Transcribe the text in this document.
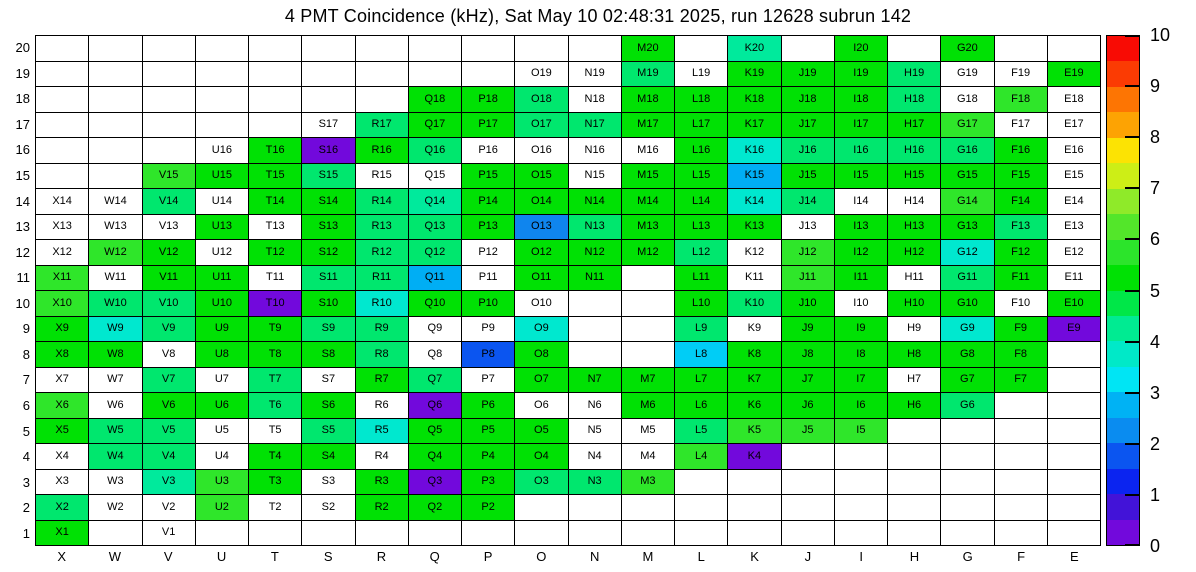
4 PMT Coincidence (kHz), Sat May 10 02:48:31 2025, run 12628 subrun 142
20
19
18
17
16
15
14
13
12
11
10
9
8
7
6
5
4
3
2
1
M20	K20	I20	G20
O19	N19	M19	L19	K19	J19	I19	H19	G19	F19	E19
Q18	P18	O18	N18	M18	L18	K18	J18	I18	H18	G18	F18	E18
S17	R17	Q17	P17	O17	N17	M17	L17	K17	J17	I17	H17	G17	F17	E17
U16	T16	S16	R16	Q16	P16	O16	N16	M16	L16	K16	J16	I16	H16	G16	F16	E16
V15	U15	T15	S15	R15	Q15	P15	O15	N15	M15	L15	K15	J15	I15	H15	G15	F15	E15
X14	W14	V14	U14	T14	S14	R14	Q14	P14	O14	N14	M14	L14	K14	J14	I14	H14	G14	F14	E14
X13	W13	V13	U13	T13	S13	R13	Q13	P13	O13	N13	M13	L13	K13	J13	I13	H13	G13	F13	E13
X12	W12	V12	U12	T12	S12	R12	Q12	P12	O12	N12	M12	L12	K12	J12	I12	H12	G12	F12	E12
X11	W11	V11	U11	T11	S11	R11	Q11	P11	O11	N11	L11	K11	J11	I11	H11	G11	F11	E11
X10	W10	V10	U10	T10	S10	R10	Q10	P10	O10	L10	K10	J10	I10	H10	G10	F10	E10
X9	W9	V9	U9	T9	S9	R9	Q9	P9	O9	L9	K9	J9	I9	H9	G9	F9	E9
X8	W8	V8	U8	T8	S8	R8	Q8	P8	O8	L8	K8	J8	I8	H8	G8	F8
X7	W7	V7	U7	T7	S7	R7	Q7	P7	O7	N7	M7	L7	K7	J7	I7	H7	G7	F7
X6	W6	V6	U6	T6	S6	R6	Q6	P6	O6	N6	M6	L6	K6	J6	I6	H6	G6
X5	W5	V5	U5	T5	S5	R5	Q5	P5	O5	N5	M5	L5	K5	J5	I5
X4	W4	V4	U4	T4	S4	R4	Q4	P4	O4	N4	M4	L4	K4
X3	W3	V3	U3	T3	S3	R3	Q3	P3	O3	N3	M3
X2	W2	V2	U2	T2	S2	R2	Q2	P2
X1	V1
X	W	V	U	T	S	R	Q	P	O	N	M	L	K	J	I	H	G	F	E
10
9
8
7
6
5
4
3
2
1
0
